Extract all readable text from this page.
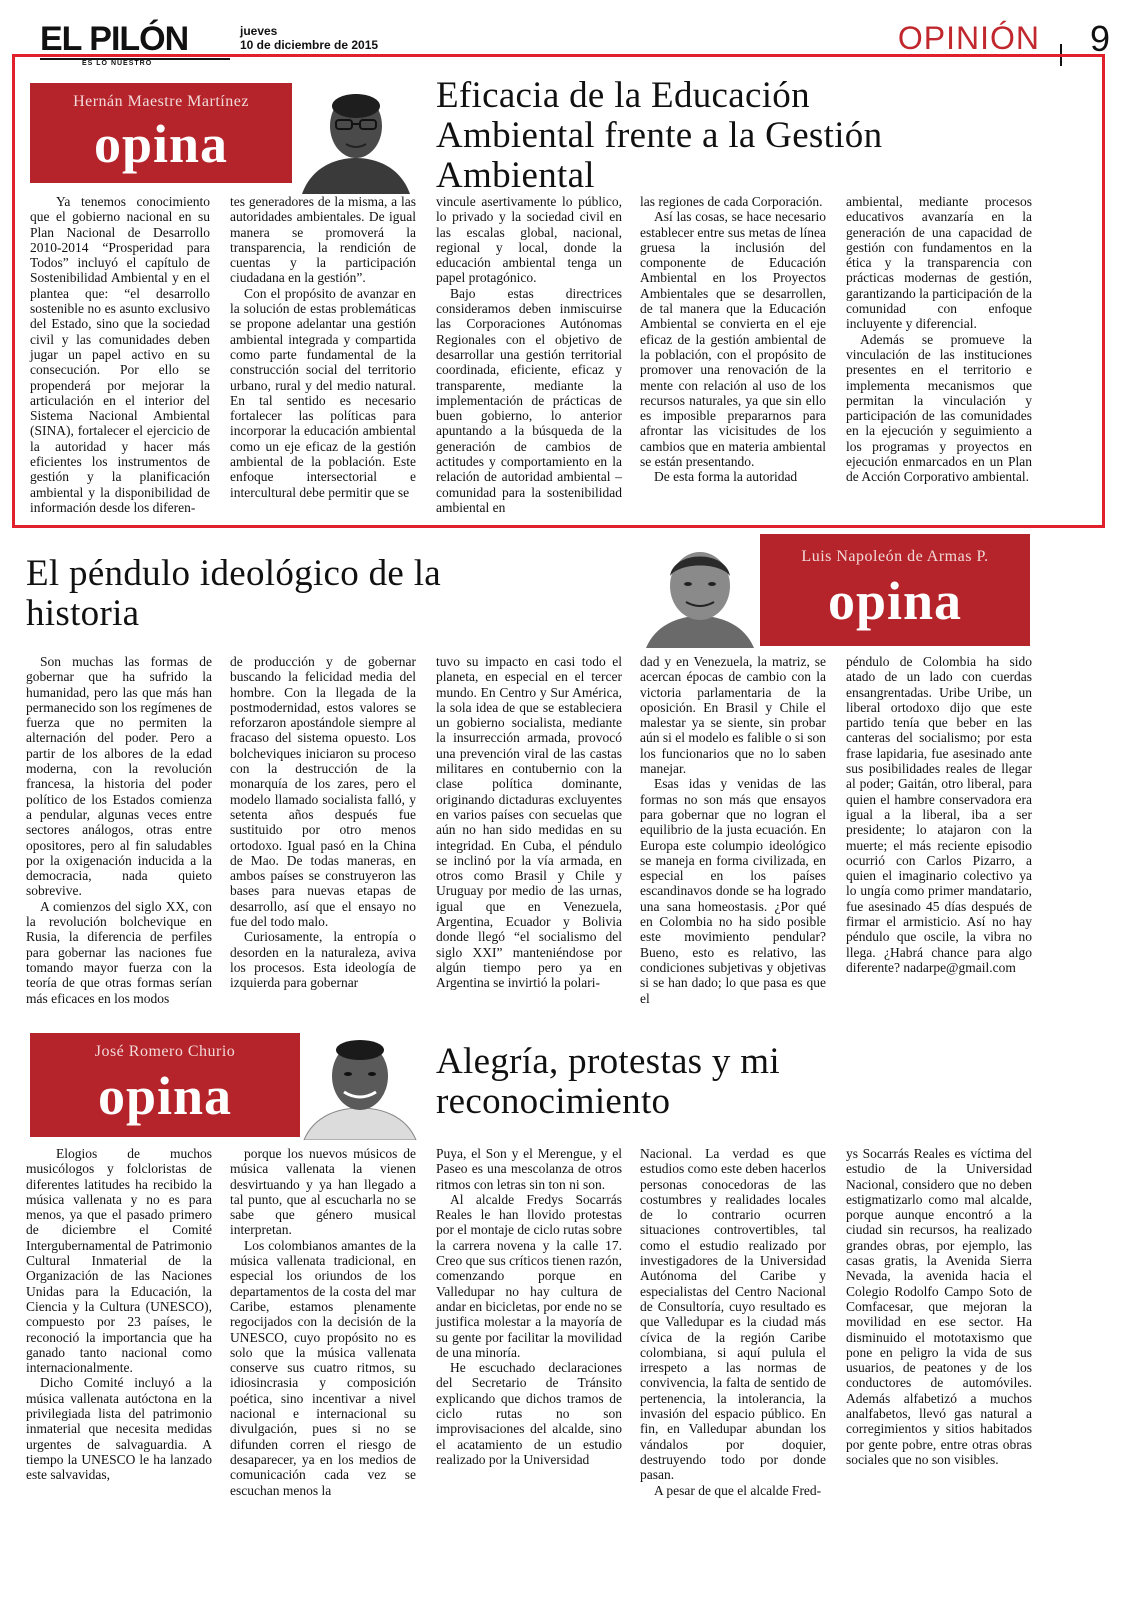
EL PILÓN
ES LO NUESTRO
jueves
10 de diciembre de 2015	OPINIÓN 9
Hernán Maestre Martínez
opina
Eficacia de la Educación
Ambiental frente a la Gestión
Ambiental

Ya tenemos conocimiento que el gobierno nacional en su Plan Nacional de Desarrollo 2010-2014 “Prosperidad para Todos” incluyó el capítulo de Sostenibilidad Ambiental y en el plantea que: “el desarrollo sostenible no es asunto exclusivo del Estado, sino que la sociedad civil y las comunidades deben jugar un papel activo en su consecución. Por ello se propenderá por mejorar la articulación en el interior del Sistema Nacional Ambiental (SINA), fortalecer el ejercicio de la autoridad y hacer más eficientes los instrumentos de gestión y la planificación ambiental y la disponibilidad de información desde los diferen-

tes generadores de la misma, a las autoridades ambientales. De igual manera se promoverá la transparencia, la rendición de cuentas y la participación ciudadana en la gestión”.

Con el propósito de avanzar en la solución de estas problemáticas se propone adelantar una gestión ambiental integrada y compartida como parte fundamental de la construcción social del territorio urbano, rural y del medio natural. En tal sentido es necesario fortalecer las políticas para incorporar la educación ambiental como un eje eficaz de la gestión ambiental de la población. Este enfoque intersectorial e intercultural debe permitir que se

vincule asertivamente lo público, lo privado y la sociedad civil en las escalas global, nacional, regional y local, donde la educación ambiental tenga un papel protagónico.

Bajo estas directrices consideramos deben inmiscuirse las Corporaciones Autónomas Regionales con el objetivo de desarrollar una gestión territorial coordinada, eficiente, eficaz y transparente, mediante la implementación de prácticas de buen gobierno, lo anterior apuntando a la búsqueda de la generación de cambios de actitudes y comportamiento en la relación de autoridad ambiental – comunidad para la sostenibilidad ambiental en

las regiones de cada Corporación.

Así las cosas, se hace necesario establecer entre sus metas de línea gruesa la inclusión del componente de Educación Ambiental en los Proyectos Ambientales que se desarrollen, de tal manera que la Educación Ambiental se convierta en el eje eficaz de la gestión ambiental de la población, con el propósito de promover una renovación de la mente con relación al uso de los recursos naturales, ya que sin ello es imposible prepararnos para afrontar las vicisitudes de los cambios que en materia ambiental se están presentando.

De esta forma la autoridad

ambiental, mediante procesos educativos avanzaría en la generación de una capacidad de gestión con fundamentos en la ética y la transparencia con prácticas modernas de gestión, garantizando la participación de la comunidad con enfoque incluyente y diferencial.

Además se promueve la vinculación de las instituciones presentes en el territorio e implementa mecanismos que permitan la vinculación y participación de las comunidades en la ejecución y seguimiento a los programas y proyectos en ejecución enmarcados en un Plan de Acción Corporativo ambiental.

El péndulo ideológico de la
historia
Luis Napoleón de Armas P.
opina

Son muchas las formas de gobernar que ha sufrido la humanidad, pero las que más han permanecido son los regímenes de fuerza que no permiten la alternación del poder. Pero a partir de los albores de la edad moderna, con la revolución francesa, la historia del poder político de los Estados comienza a pendular, algunas veces entre sectores análogos, otras entre opositores, pero al fin saludables por la oxigenación inducida a la democracia, nada quieto sobrevive.

A comienzos del siglo XX, con la revolución bolchevique en Rusia, la diferencia de perfiles para gobernar las naciones fue tomando mayor fuerza con la teoría de que otras formas serían más eficaces en los modos

de producción y de gobernar buscando la felicidad media del hombre. Con la llegada de la postmodernidad, estos valores se reforzaron apostándole siempre al fracaso del sistema opuesto. Los bolcheviques iniciaron su proceso con la destrucción de la monarquía de los zares, pero el modelo llamado socialista falló, y setenta años después fue sustituido por otro menos ortodoxo. Igual pasó en la China de Mao. De todas maneras, en ambos países se construyeron las bases para nuevas etapas de desarrollo, así que el ensayo no fue del todo malo.

Curiosamente, la entropía o desorden en la naturaleza, aviva los procesos. Esta ideología de izquierda para gobernar

tuvo su impacto en casi todo el planeta, en especial en el tercer mundo. En Centro y Sur América, la sola idea de que se estableciera un gobierno socialista, mediante la insurrección armada, provocó una prevención viral de las castas militares en contubernio con la clase política dominante, originando dictaduras excluyentes en varios países con secuelas que aún no han sido medidas en su integridad. En Cuba, el péndulo se inclinó por la vía armada, en otros como Brasil y Chile y Uruguay por medio de las urnas, igual que en Venezuela, Argentina, Ecuador y Bolivia donde llegó “el socialismo del siglo XXI” manteniéndose por algún tiempo pero ya en Argentina se invirtió la polari-

dad y en Venezuela, la matriz, se acercan épocas de cambio con la victoria parlamentaria de la oposición. En Brasil y Chile el malestar ya se siente, sin probar aún si el modelo es falible o si son los funcionarios que no lo saben manejar.

Esas idas y venidas de las formas no son más que ensayos para gobernar que no logran el equilibrio de la justa ecuación. En Europa este columpio ideológico se maneja en forma civilizada, en especial en los países escandinavos donde se ha logrado una sana homeostasis. ¿Por qué en Colombia no ha sido posible este movimiento pendular? Bueno, esto es relativo, las condiciones subjetivas y objetivas si se han dado; lo que pasa es que el

péndulo de Colombia ha sido atado de un lado con cuerdas ensangrentadas. Uribe Uribe, un liberal ortodoxo dijo que este partido tenía que beber en las canteras del socialismo; por esta frase lapidaria, fue asesinado ante sus posibilidades reales de llegar al poder; Gaitán, otro liberal, para quien el hambre conservadora era igual a la liberal, iba a ser presidente; lo atajaron con la muerte; el más reciente episodio ocurrió con Carlos Pizarro, a quien el imaginario colectivo ya lo ungía como primer mandatario, fue asesinado 45 días después de firmar el armisticio. Así no hay péndulo que oscile, la vibra no llega. ¿Habrá chance para algo diferente? nadarpe@gmail.com

José Romero Churio
opina
Alegría, protestas y mi
reconocimiento

Elogios de muchos musicólogos y folcloristas de diferentes latitudes ha recibido la música vallenata y no es para menos, ya que el pasado primero de diciembre el Comité Intergubernamental de Patrimonio Cultural Inmaterial de la Organización de las Naciones Unidas para la Educación, la Ciencia y la Cultura (UNESCO), compuesto por 23 países, le reconoció la importancia que ha ganado tanto nacional como internacionalmente.

Dicho Comité incluyó a la música vallenata autóctona en la privilegiada lista del patrimonio inmaterial que necesita medidas urgentes de salvaguardia. A tiempo la UNESCO le ha lanzado este salvavidas,

porque los nuevos músicos de música vallenata la vienen desvirtuando y ya han llegado a tal punto, que al escucharla no se sabe que género musical interpretan.

Los colombianos amantes de la música vallenata tradicional, en especial los oriundos de los departamentos de la costa del mar Caribe, estamos plenamente regocijados con la decisión de la UNESCO, cuyo propósito no es solo que la música vallenata conserve sus cuatro ritmos, su idiosincrasia y composición poética, sino incentivar a nivel nacional e internacional su divulgación, pues si no se difunden corren el riesgo de desaparecer, ya en los medios de comunicación cada vez se escuchan menos la

Puya, el Son y el Merengue, y el Paseo es una mescolanza de otros ritmos con letras sin ton ni son.

Al alcalde Fredys Socarrás Reales le han llovido protestas por el montaje de ciclo rutas sobre la carrera novena y la calle 17. Creo que sus críticos tienen razón, comenzando porque en Valledupar no hay cultura de andar en bicicletas, por ende no se justifica molestar a la mayoría de su gente por facilitar la movilidad de una minoría.

He escuchado declaraciones del Secretario de Tránsito explicando que dichos tramos de ciclo rutas no son improvisaciones del alcalde, sino el acatamiento de un estudio realizado por la Universidad

Nacional. La verdad es que estudios como este deben hacerlos personas conocedoras de las costumbres y realidades locales de lo contrario ocurren situaciones controvertibles, tal como el estudio realizado por investigadores de la Universidad Autónoma del Caribe y especialistas del Centro Nacional de Consultoría, cuyo resultado es que Valledupar es la ciudad más cívica de la región Caribe colombiana, si aquí pulula el irrespeto a las normas de convivencia, la falta de sentido de pertenencia, la intolerancia, la invasión del espacio público. En fin, en Valledupar abundan los vándalos por doquier, destruyendo todo por donde pasan.

A pesar de que el alcalde Fred-

ys Socarrás Reales es víctima del estudio de la Universidad Nacional, considero que no deben estigmatizarlo como mal alcalde, porque aunque encontró a la ciudad sin recursos, ha realizado grandes obras, por ejemplo, las casas gratis, la Avenida Sierra Nevada, la avenida hacia el Colegio Rodolfo Campo Soto de Comfacesar, que mejoran la movilidad en ese sector. Ha disminuido el mototaxismo que pone en peligro la vida de sus usuarios, de peatones y de los conductores de automóviles. Además alfabetizó a muchos analfabetos, llevó gas natural a corregimientos y sitios habitados por gente pobre, entre otras obras sociales que no son visibles.
